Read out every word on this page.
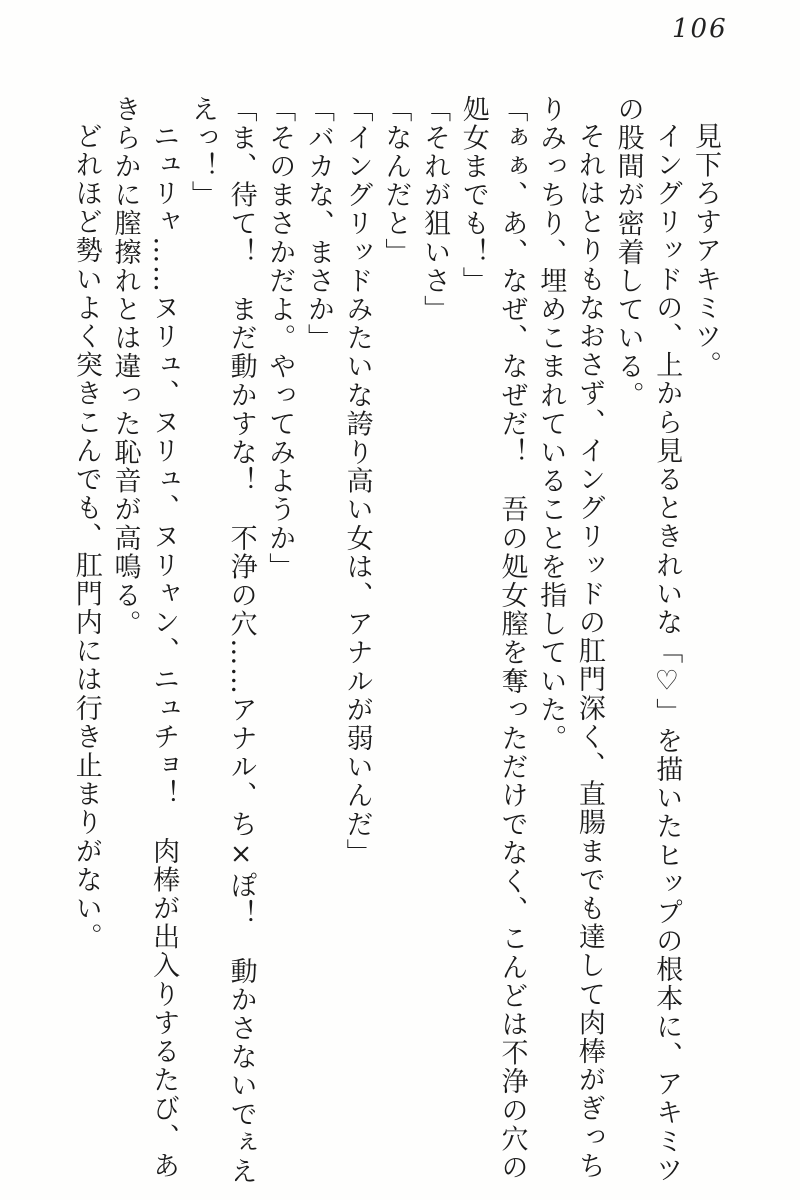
106

見下ろすアキミツ。

イングリッドの、上から見るときれいな「♡」を描いたヒップの根本に、アキミツの股間が密着している。

それはとりもなおさず、イングリッドの肛門深く、直腸までも達して肉棒がぎっちりみっちり、埋めこまれていることを指していた。

「ぁぁ、あ、なぜ、なぜだ！　吾の処女膣を奪っただけでなく、こんどは不浄の穴の処女までも！」

「それが狙いさ」

「なんだと」

「イングリッドみたいな誇り高い女は、アナルが弱いんだ」

「バカな、まさか」

「そのまさかだよ。やってみようか」

「ま、待て！　まだ動かすな！　不浄の穴……アナル、ち×ぽ！　動かさないでぇええっ！」

ニュリャ……ヌリュ、ヌリュ、ヌリャン、ニュチョ！　肉棒が出入りするたび、あきらかに膣擦れとは違った恥音が高鳴る。

どれほど勢いよく突きこんでも、肛門内には行き止まりがない。
